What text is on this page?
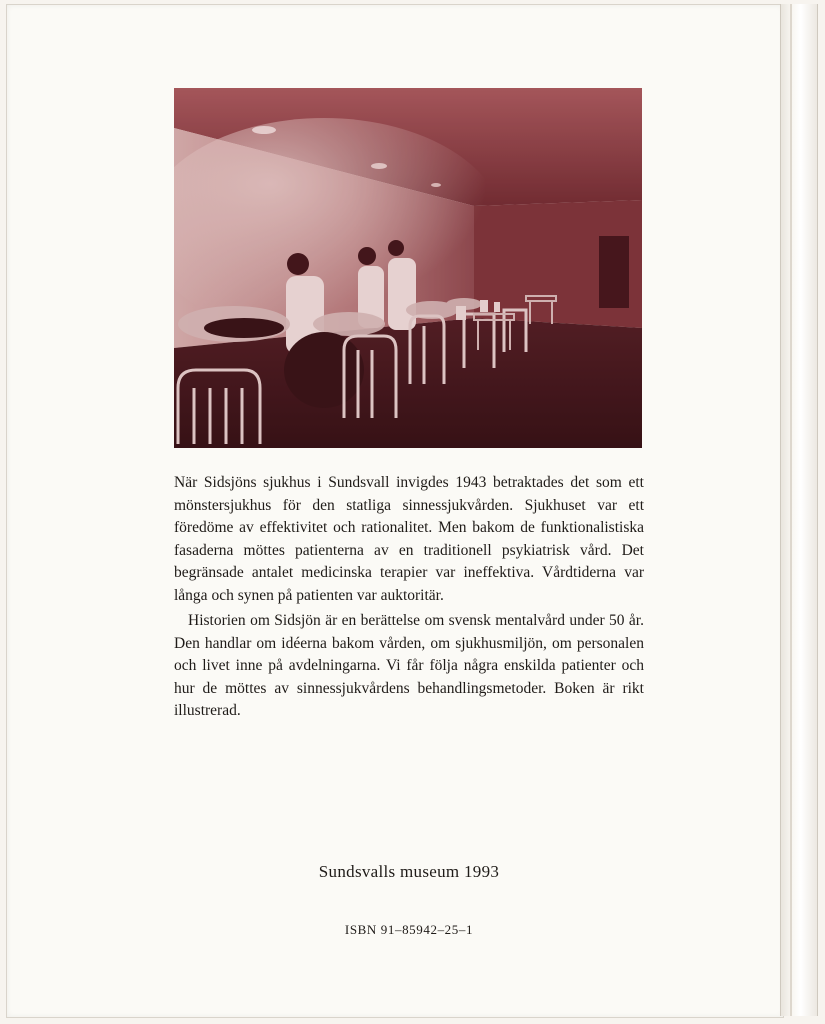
När Sidsjöns sjukhus i Sundsvall invigdes 1943 betraktades det som ett mönstersjukhus för den statliga sinnessjukvården. Sjukhuset var ett föredöme av effektivitet och rationalitet. Men bakom de funktionalistiska fasaderna möttes patienterna av en traditionell psykiatrisk vård. Det begränsade antalet medicinska terapier var ineffektiva. Vårdtiderna var långa och synen på patienten var auktoritär.

Historien om Sidsjön är en berättelse om svensk mentalvård under 50 år. Den handlar om idéerna bakom vården, om sjukhusmiljön, om personalen och livet inne på avdelningarna. Vi får följa några enskilda patienter och hur de möttes av sinnessjukvårdens behandlingsmetoder. Boken är rikt illustrerad.

Sundsvalls museum 1993
ISBN 91–85942–25–1
